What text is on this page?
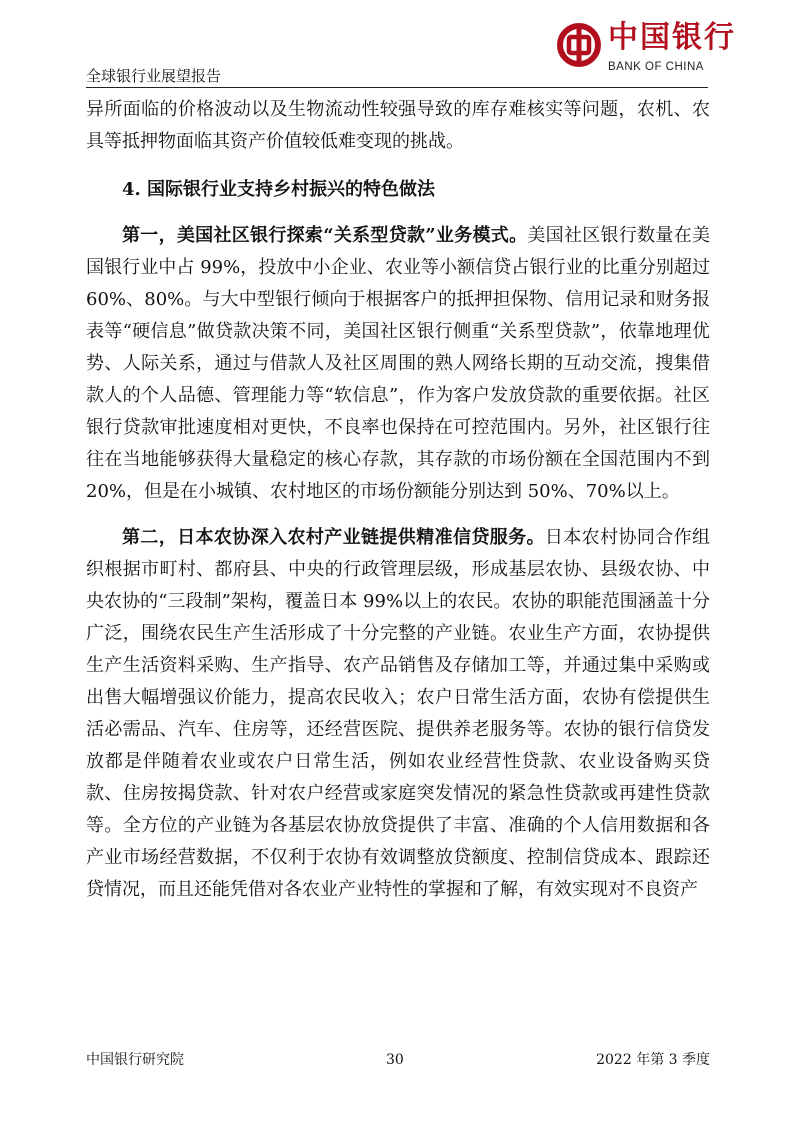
全球银行业展望报告
中国银行
BANK OF CHINA

异所面临的价格波动以及生物流动性较强导致的库存难核实等问题，农机、农具等抵押物面临其资产价值较低难变现的挑战。

4. 国际银行业支持乡村振兴的特色做法

第一，美国社区银行探索“关系型贷款”业务模式。美国社区银行数量在美国银行业中占 99%，投放中小企业、农业等小额信贷占银行业的比重分别超过 60%、80%。与大中型银行倾向于根据客户的抵押担保物、信用记录和财务报表等“硬信息”做贷款决策不同，美国社区银行侧重“关系型贷款”，依靠地理优势、人际关系，通过与借款人及社区周围的熟人网络长期的互动交流，搜集借款人的个人品德、管理能力等“软信息”，作为客户发放贷款的重要依据。社区银行贷款审批速度相对更快，不良率也保持在可控范围内。另外，社区银行往往在当地能够获得大量稳定的核心存款，其存款的市场份额在全国范围内不到 20%，但是在小城镇、农村地区的市场份额能分别达到 50%、70%以上。

第二，日本农协深入农村产业链提供精准信贷服务。日本农村协同合作组织根据市町村、都府县、中央的行政管理层级，形成基层农协、县级农协、中央农协的“三段制”架构，覆盖日本 99%以上的农民。农协的职能范围涵盖十分广泛，围绕农民生产生活形成了十分完整的产业链。农业生产方面，农协提供生产生活资料采购、生产指导、农产品销售及存储加工等，并通过集中采购或出售大幅增强议价能力，提高农民收入；农户日常生活方面，农协有偿提供生活必需品、汽车、住房等，还经营医院、提供养老服务等。农协的银行信贷发放都是伴随着农业或农户日常生活，例如农业经营性贷款、农业设备购买贷款、住房按揭贷款、针对农户经营或家庭突发情况的紧急性贷款或再建性贷款等。全方位的产业链为各基层农协放贷提供了丰富、准确的个人信用数据和各产业市场经营数据，不仅利于农协有效调整放贷额度、控制信贷成本、跟踪还贷情况，而且还能凭借对各农业产业特性的掌握和了解，有效实现对不良资产

中国银行研究院	30	2022 年第 3 季度
